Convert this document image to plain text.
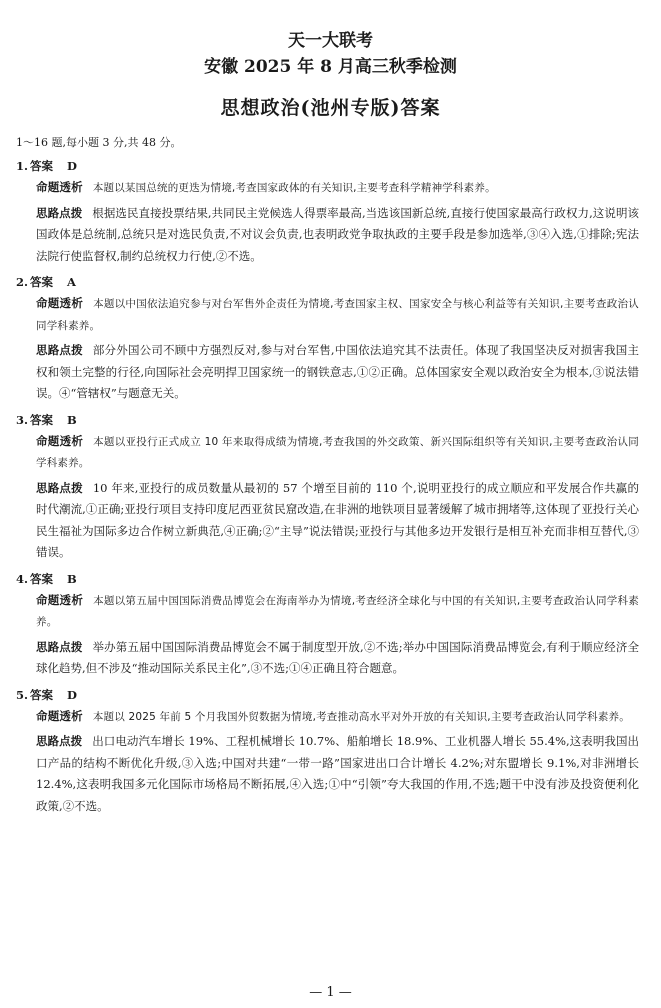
天一大联考
安徽 2025 年 8 月高三秋季检测
思想政治(池州专版)答案
1～16 题,每小题 3 分,共 48 分。
1. 答案 D
命题透析 本题以某国总统的更迭为情境,考查国家政体的有关知识,主要考查科学精神学科素养。
思路点拨 根据选民直接投票结果,共同民主党候选人得票率最高,当选该国新总统,直接行使国家最高行政权力,这说明该国政体是总统制,总统只是对选民负责,不对议会负责,也表明政党争取执政的主要手段是参加选举,③④入选,①排除;宪法法院行使监督权,制约总统权力行使,②不选。
2. 答案 A
命题透析 本题以中国依法追究参与对台军售外企责任为情境,考查国家主权、国家安全与核心利益等有关知识,主要考查政治认同学科素养。
思路点拨 部分外国公司不顾中方强烈反对,参与对台军售,中国依法追究其不法责任。体现了我国坚决反对损害我国主权和领土完整的行径,向国际社会亮明捍卫国家统一的钢铁意志,①②正确。总体国家安全观以政治安全为根本,③说法错误。④“管辖权”与题意无关。
3. 答案 B
命题透析 本题以亚投行正式成立 10 年来取得成绩为情境,考查我国的外交政策、新兴国际组织等有关知识,主要考查政治认同学科素养。
思路点拨 10 年来,亚投行的成员数量从最初的 57 个增至目前的 110 个,说明亚投行的成立顺应和平发展合作共赢的时代潮流,①正确;亚投行项目支持印度尼西亚贫民窟改造,在非洲的地铁项目显著缓解了城市拥堵等,这体现了亚投行关心民生福祉为国际多边合作树立新典范,④正确;②“主导”说法错误;亚投行与其他多边开发银行是相互补充而非相互替代,③错误。
4. 答案 B
命题透析 本题以第五届中国国际消费品博览会在海南举办为情境,考查经济全球化与中国的有关知识,主要考查政治认同学科素养。
思路点拨 举办第五届中国国际消费品博览会不属于制度型开放,②不选;举办中国国际消费品博览会,有利于顺应经济全球化趋势,但不涉及“推动国际关系民主化”,③不选;①④正确且符合题意。
5. 答案 D
命题透析 本题以 2025 年前 5 个月我国外贸数据为情境,考查推动高水平对外开放的有关知识,主要考查政治认同学科素养。
思路点拨 出口电动汽车增长 19%、工程机械增长 10.7%、船舶增长 18.9%、工业机器人增长 55.4%,这表明我国出口产品的结构不断优化升级,③入选;中国对共建“一带一路”国家进出口合计增长 4.2%;对东盟增长 9.1%,对非洲增长 12.4%,这表明我国多元化国际市场格局不断拓展,④入选;①中“引领”夸大我国的作用,不选;题干中没有涉及投资便利化政策,②不选。
— 1 —
